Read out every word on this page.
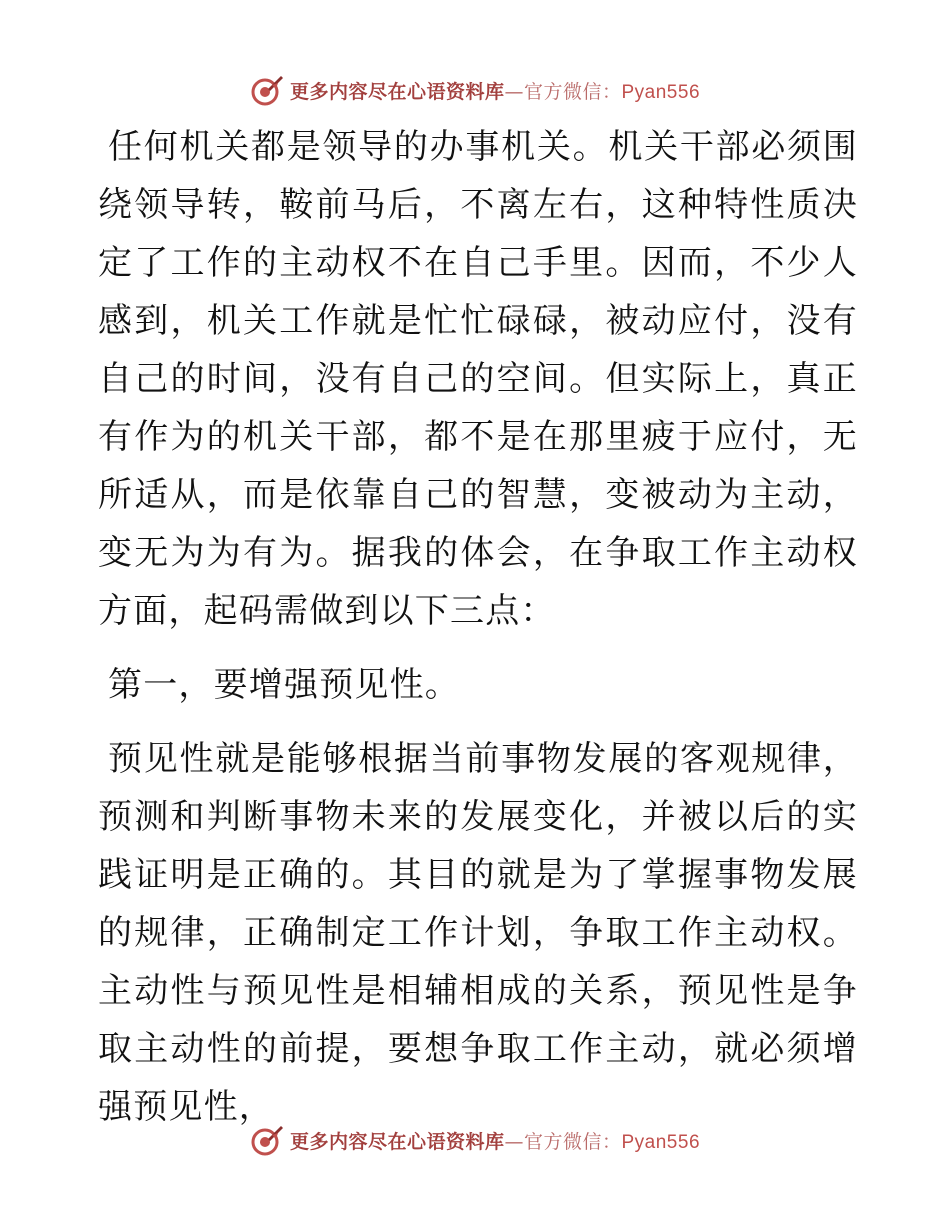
更多内容尽在心语资料库—官方微信：Pyan556

任何机关都是领导的办事机关。机关干部必须围绕领导转，鞍前马后，不离左右，这种特性质决定了工作的主动权不在自己手里。因而，不少人感到，机关工作就是忙忙碌碌，被动应付，没有自己的时间，没有自己的空间。但实际上，真正有作为的机关干部，都不是在那里疲于应付，无所适从，而是依靠自己的智慧，变被动为主动，变无为为有为。据我的体会，在争取工作主动权方面，起码需做到以下三点：

第一，要增强预见性。

预见性就是能够根据当前事物发展的客观规律，预测和判断事物未来的发展变化，并被以后的实践证明是正确的。其目的就是为了掌握事物发展的规律，正确制定工作计划，争取工作主动权。主动性与预见性是相辅相成的关系，预见性是争取主动性的前提，要想争取工作主动，就必须增强预见性，

更多内容尽在心语资料库—官方微信：Pyan556
